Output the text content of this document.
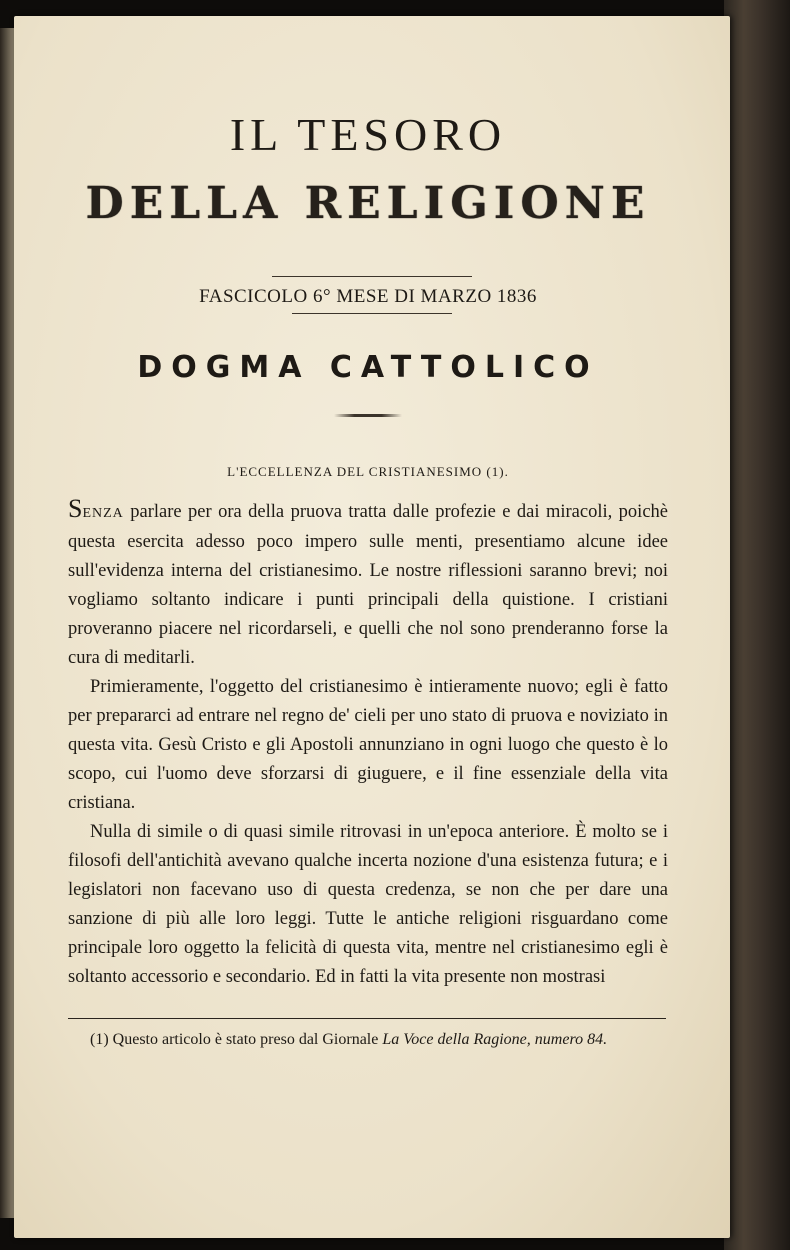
IL TESORO
DELLA RELIGIONE
FASCICOLO 6° MESE DI MARZO 1836
DOGMA CATTOLICO
L'ECCELLENZA DEL CRISTIANESIMO (1).

SENZA parlare per ora della pruova tratta dalle profezie e dai miracoli, poichè questa esercita adesso poco impero sulle menti, presentiamo alcune idee sull'evidenza interna del cristianesimo. Le nostre riflessioni saranno brevi; noi vogliamo soltanto indicare i punti principali della quistione. I cristiani proveranno piacere nel ricordarseli, e quelli che nol sono prenderanno forse la cura di meditarli.

Primieramente, l'oggetto del cristianesimo è intieramente nuovo; egli è fatto per prepararci ad entrare nel regno de' cieli per uno stato di pruova e noviziato in questa vita. Gesù Cristo e gli Apostoli annunziano in ogni luogo che questo è lo scopo, cui l'uomo deve sforzarsi di giuguere, e il fine essenziale della vita cristiana.

Nulla di simile o di quasi simile ritrovasi in un'epoca anteriore. È molto se i filosofi dell'antichità avevano qualche incerta nozione d'una esistenza futura; e i legislatori non facevano uso di questa credenza, se non che per dare una sanzione di più alle loro leggi. Tutte le antiche religioni risguardano come principale loro oggetto la felicità di questa vita, mentre nel cristianesimo egli è soltanto accessorio e secondario. Ed in fatti la vita presente non mostrasi

(1) Questo articolo è stato preso dal Giornale La Voce della Ragione, numero 84.
